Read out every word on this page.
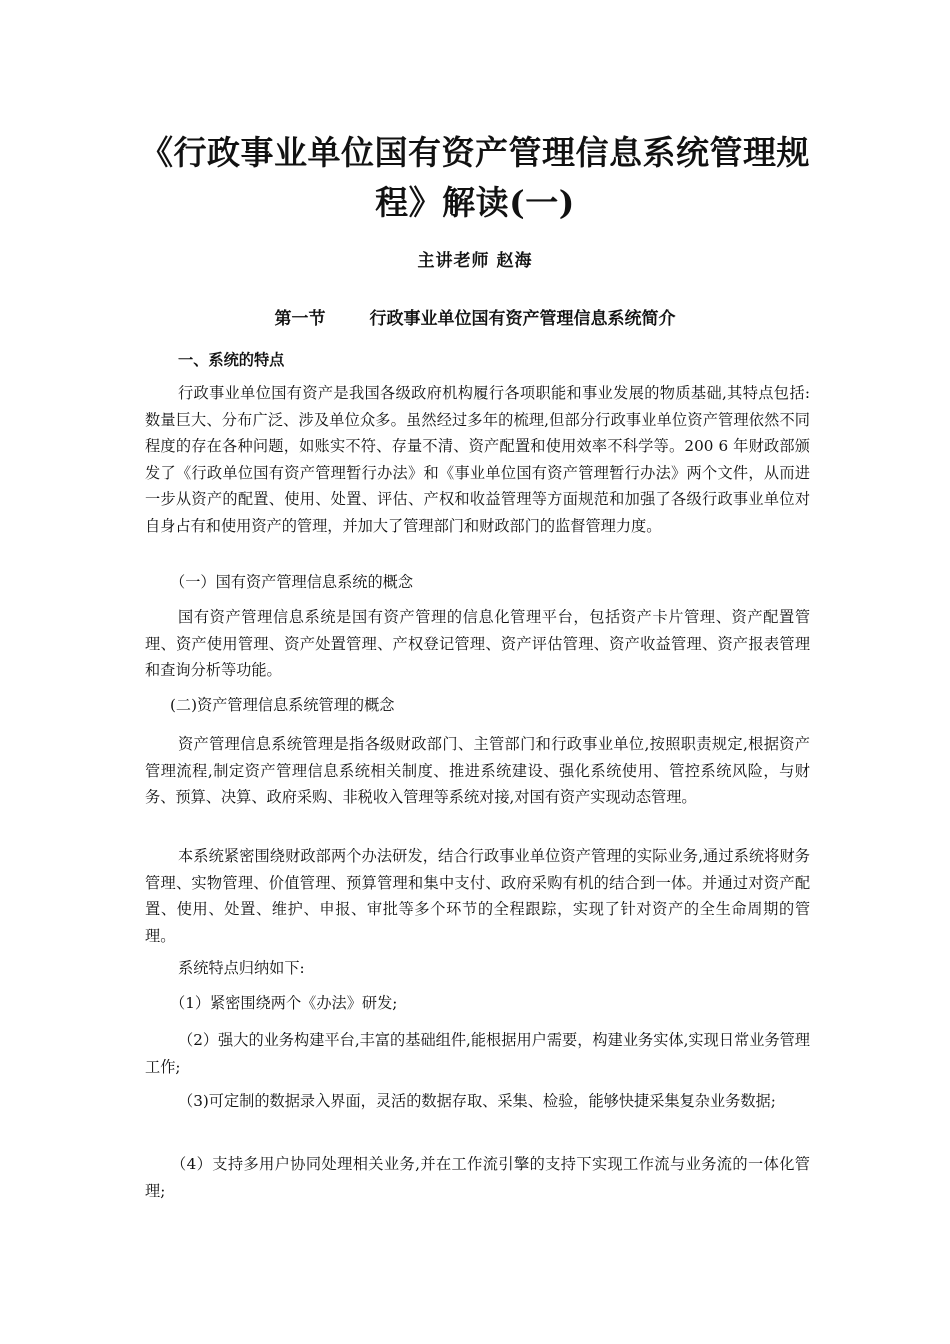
《行政事业单位国有资产管理信息系统管理规程》解读(一)
主讲老师 赵海
第一节	行政事业单位国有资产管理信息系统简介

一、系统的特点

行政事业单位国有资产是我国各级政府机构履行各项职能和事业发展的物质基础,其特点包括:数量巨大、分布广泛、涉及单位众多。虽然经过多年的梳理,但部分行政事业单位资产管理依然不同程度的存在各种问题，如账实不符、存量不清、资产配置和使用效率不科学等。200 6 年财政部颁发了《行政单位国有资产管理暂行办法》和《事业单位国有资产管理暂行办法》两个文件，从而进一步从资产的配置、使用、处置、评估、产权和收益管理等方面规范和加强了各级行政事业单位对自身占有和使用资产的管理，并加大了管理部门和财政部门的监督管理力度。

（一）国有资产管理信息系统的概念

国有资产管理信息系统是国有资产管理的信息化管理平台，包括资产卡片管理、资产配置管理、资产使用管理、资产处置管理、产权登记管理、资产评估管理、资产收益管理、资产报表管理和查询分析等功能。

(二)资产管理信息系统管理的概念

资产管理信息系统管理是指各级财政部门、主管部门和行政事业单位,按照职责规定,根据资产管理流程,制定资产管理信息系统相关制度、推进系统建设、强化系统使用、管控系统风险，与财务、预算、决算、政府采购、非税收入管理等系统对接,对国有资产实现动态管理。

本系统紧密围绕财政部两个办法研发，结合行政事业单位资产管理的实际业务,通过系统将财务管理、实物管理、价值管理、预算管理和集中支付、政府采购有机的结合到一体。并通过对资产配置、使用、处置、维护、申报、审批等多个环节的全程跟踪，实现了针对资产的全生命周期的管理。

系统特点归纳如下:

（1）紧密围绕两个《办法》研发;

（2）强大的业务构建平台,丰富的基础组件,能根据用户需要，构建业务实体,实现日常业务管理工作;

（3)可定制的数据录入界面，灵活的数据存取、采集、检验，能够快捷采集复杂业务数据;

（4）支持多用户协同处理相关业务,并在工作流引擎的支持下实现工作流与业务流的一体化管理;
